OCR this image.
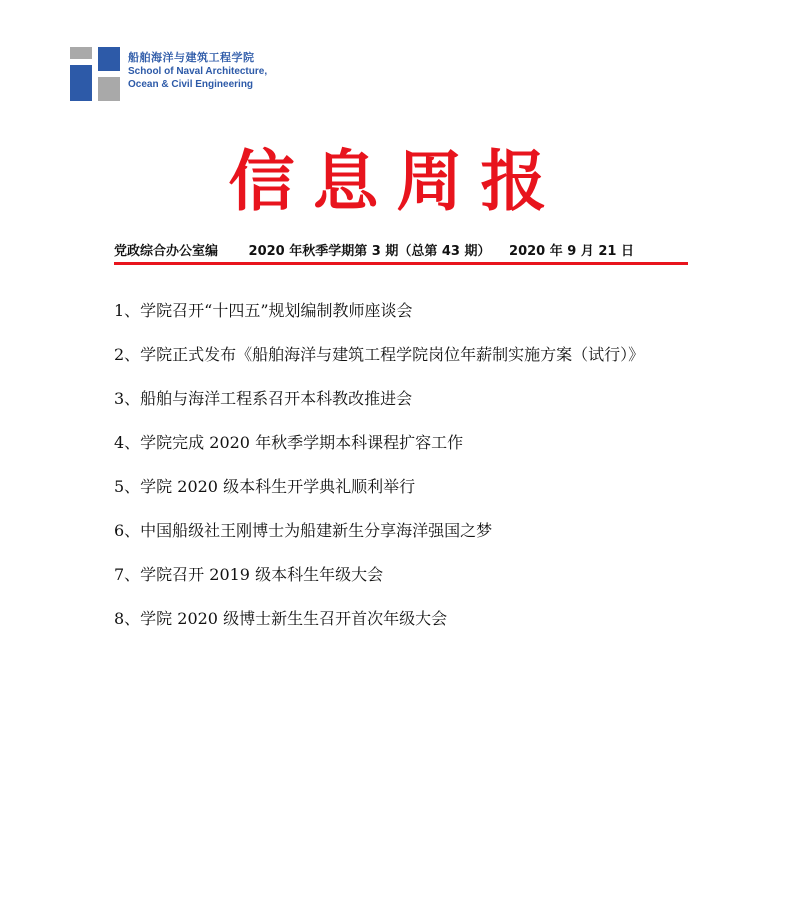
船舶海洋与建筑工程学院
School of Naval Architecture,
Ocean & Civil Engineering
信息周报
党政综合办公室编 2020 年秋季学期第 3 期（总第 43 期） 2020 年 9 月 21 日
1、学院召开“十四五”规划编制教师座谈会
2、学院正式发布《船舶海洋与建筑工程学院岗位年薪制实施方案（试行）》
3、船舶与海洋工程系召开本科教改推进会
4、学院完成 2020 年秋季学期本科课程扩容工作
5、学院 2020 级本科生开学典礼顺利举行
6、中国船级社王刚博士为船建新生分享海洋强国之梦
7、学院召开 2019 级本科生年级大会
8、学院 2020 级博士新生生召开首次年级大会
